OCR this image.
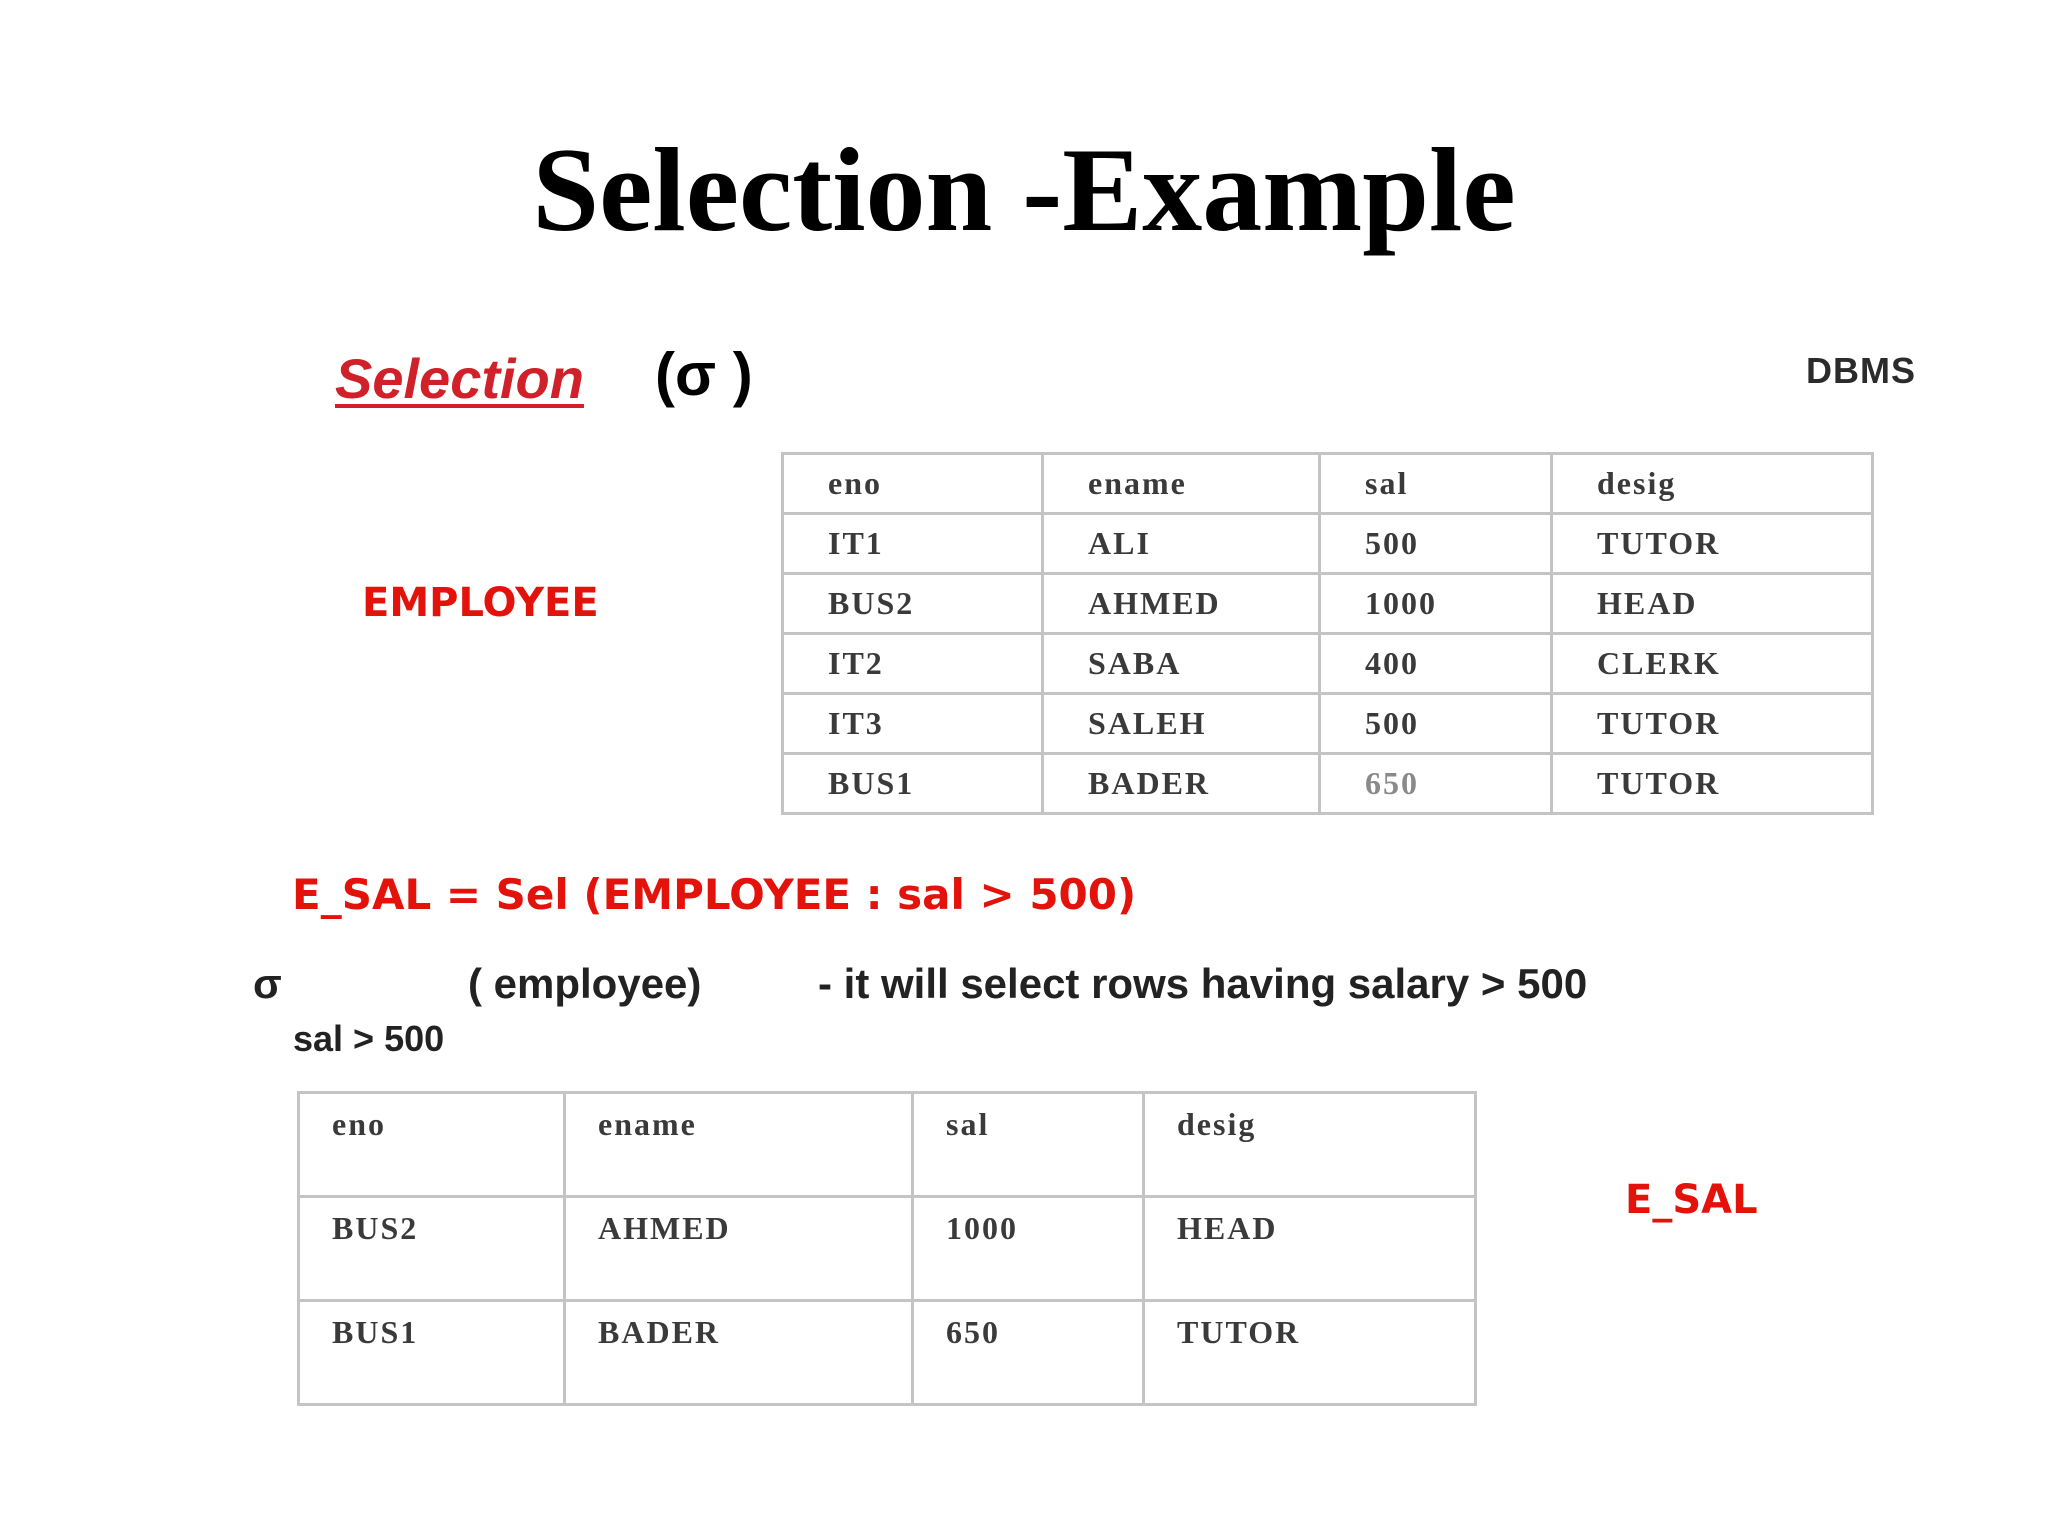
Selection -Example
Selection (σ )	DBMS
EMPLOYEE
eno	ename	sal	desig
IT1	ALI	500	TUTOR
BUS2	AHMED	1000	HEAD
IT2	SABA	400	CLERK
IT3	SALEH	500	TUTOR
BUS1	BADER	650	TUTOR
E_SAL = Sel (EMPLOYEE : sal > 500)
σ	( employee)	- it will select rows having salary > 500
sal > 500
eno	ename	sal	desig
BUS2	AHMED	1000	HEAD
BUS1	BADER	650	TUTOR
E_SAL
